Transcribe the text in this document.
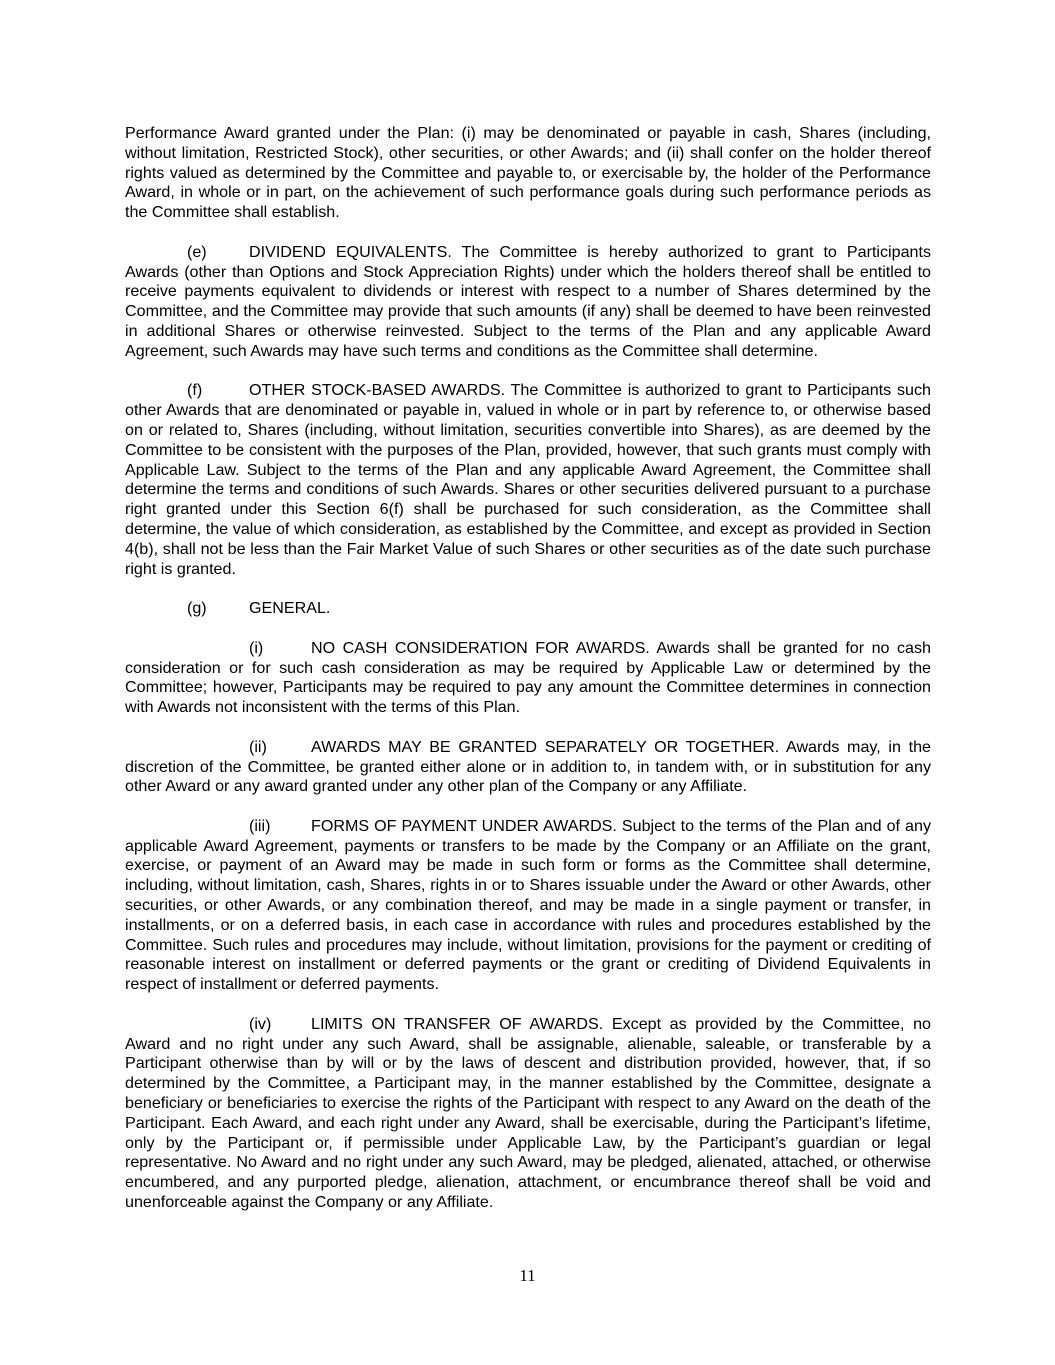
Performance Award granted under the Plan: (i) may be denominated or payable in cash, Shares (including, without limitation, Restricted Stock), other securities, or other Awards; and (ii) shall confer on the holder thereof rights valued as determined by the Committee and payable to, or exercisable by, the holder of the Performance Award, in whole or in part, on the achievement of such performance goals during such performance periods as the Committee shall establish.

(e)	DIVIDEND EQUIVALENTS. The Committee is hereby authorized to grant to Participants Awards (other than Options and Stock Appreciation Rights) under which the holders thereof shall be entitled to receive payments equivalent to dividends or interest with respect to a number of Shares determined by the Committee, and the Committee may provide that such amounts (if any) shall be deemed to have been reinvested in additional Shares or otherwise reinvested. Subject to the terms of the Plan and any applicable Award Agreement, such Awards may have such terms and conditions as the Committee shall determine.

(f)	OTHER STOCK-BASED AWARDS. The Committee is authorized to grant to Participants such other Awards that are denominated or payable in, valued in whole or in part by reference to, or otherwise based on or related to, Shares (including, without limitation, securities convertible into Shares), as are deemed by the Committee to be consistent with the purposes of the Plan, provided, however, that such grants must comply with Applicable Law. Subject to the terms of the Plan and any applicable Award Agreement, the Committee shall determine the terms and conditions of such Awards. Shares or other securities delivered pursuant to a purchase right granted under this Section 6(f) shall be purchased for such consideration, as the Committee shall determine, the value of which consideration, as established by the Committee, and except as provided in Section 4(b), shall not be less than the Fair Market Value of such Shares or other securities as of the date such purchase right is granted.

(g)	GENERAL.

(i)	NO CASH CONSIDERATION FOR AWARDS. Awards shall be granted for no cash consideration or for such cash consideration as may be required by Applicable Law or determined by the Committee; however, Participants may be required to pay any amount the Committee determines in connection with Awards not inconsistent with the terms of this Plan.

(ii)	AWARDS MAY BE GRANTED SEPARATELY OR TOGETHER. Awards may, in the discretion of the Committee, be granted either alone or in addition to, in tandem with, or in substitution for any other Award or any award granted under any other plan of the Company or any Affiliate.

(iii)	FORMS OF PAYMENT UNDER AWARDS. Subject to the terms of the Plan and of any applicable Award Agreement, payments or transfers to be made by the Company or an Affiliate on the grant, exercise, or payment of an Award may be made in such form or forms as the Committee shall determine, including, without limitation, cash, Shares, rights in or to Shares issuable under the Award or other Awards, other securities, or other Awards, or any combination thereof, and may be made in a single payment or transfer, in installments, or on a deferred basis, in each case in accordance with rules and procedures established by the Committee. Such rules and procedures may include, without limitation, provisions for the payment or crediting of reasonable interest on installment or deferred payments or the grant or crediting of Dividend Equivalents in respect of installment or deferred payments.

(iv) LIMITS ON TRANSFER OF AWARDS. Except as provided by the Committee, no Award and no right under any such Award, shall be assignable, alienable, saleable, or transferable by a Participant otherwise than by will or by the laws of descent and distribution provided, however, that, if so determined by the Committee, a Participant may, in the manner established by the Committee, designate a beneficiary or beneficiaries to exercise the rights of the Participant with respect to any Award on the death of the Participant. Each Award, and each right under any Award, shall be exercisable, during the Participant’s lifetime, only by the Participant or, if permissible under Applicable Law, by the Participant’s guardian or legal representative. No Award and no right under any such Award, may be pledged, alienated, attached, or otherwise encumbered, and any purported pledge, alienation, attachment, or encumbrance thereof shall be void and unenforceable against the Company or any Affiliate.

11
